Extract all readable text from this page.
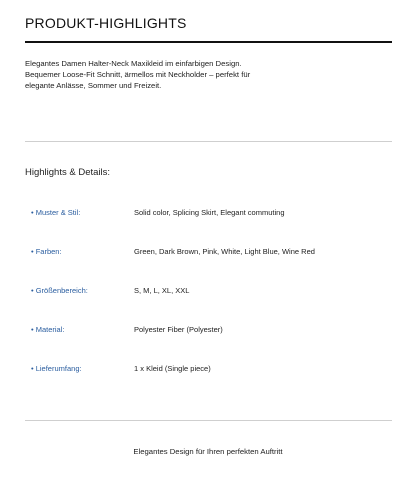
PRODUKT-HIGHLIGHTS
Elegantes Damen Halter-Neck Maxikleid im einfarbigen Design.
Bequemer Loose-Fit Schnitt, ärmellos mit Neckholder – perfekt für
elegante Anlässe, Sommer und Freizeit.
Highlights & Details:
• Muster & Stil:	Solid color, Splicing Skirt, Elegant commuting
• Farben:	Green, Dark Brown, Pink, White, Light Blue, Wine Red
• Größenbereich:	S, M, L, XL, XXL
• Material:	Polyester Fiber (Polyester)
• Lieferumfang:	1 x Kleid (Single piece)
Elegantes Design für Ihren perfekten Auftritt
